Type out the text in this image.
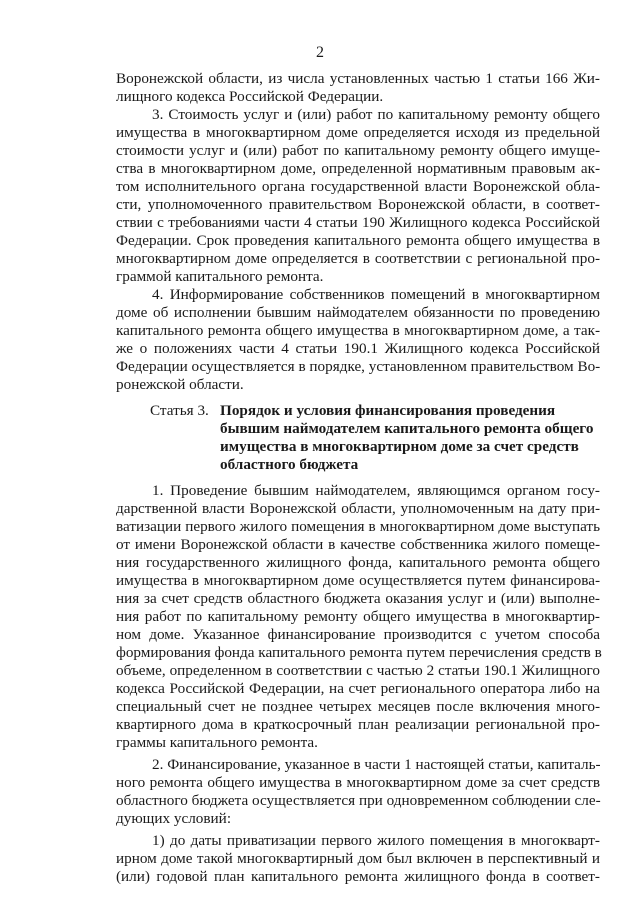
2
Воронежской области, из числа установленных частью 1 статьи 166 Жи-
лищного кодекса Российской Федерации.
3. Стоимость услуг и (или) работ по капитальному ремонту общего
имущества в многоквартирном доме определяется исходя из предельной
стоимости услуг и (или) работ по капитальному ремонту общего имуще-
ства в многоквартирном доме, определенной нормативным правовым ак-
том исполнительного органа государственной власти Воронежской обла-
сти, уполномоченного правительством Воронежской области, в соответ-
ствии с требованиями части 4 статьи 190 Жилищного кодекса Российской
Федерации. Срок проведения капитального ремонта общего имущества в
многоквартирном доме определяется в соответствии с региональной про-
граммой капитального ремонта.
4. Информирование собственников помещений в многоквартирном
доме об исполнении бывшим наймодателем обязанности по проведению
капитального ремонта общего имущества в многоквартирном доме, а так-
же о положениях части 4 статьи 190.1 Жилищного кодекса Российской
Федерации осуществляется в порядке, установленном правительством Во-
ронежской области.
Статья 3. Порядок и условия финансирования проведения
бывшим наймодателем капитального ремонта общего
имущества в многоквартирном доме за счет средств
областного бюджета
1. Проведение бывшим наймодателем, являющимся органом госу-
дарственной власти Воронежской области, уполномоченным на дату при-
ватизации первого жилого помещения в многоквартирном доме выступать
от имени Воронежской области в качестве собственника жилого помеще-
ния государственного жилищного фонда, капитального ремонта общего
имущества в многоквартирном доме осуществляется путем финансирова-
ния за счет средств областного бюджета оказания услуг и (или) выполне-
ния работ по капитальному ремонту общего имущества в многоквартир-
ном доме. Указанное финансирование производится с учетом способа
формирования фонда капитального ремонта путем перечисления средств в
объеме, определенном в соответствии с частью 2 статьи 190.1 Жилищного
кодекса Российской Федерации, на счет регионального оператора либо на
специальный счет не позднее четырех месяцев после включения много-
квартирного дома в краткосрочный план реализации региональной про-
граммы капитального ремонта.
2. Финансирование, указанное в части 1 настоящей статьи, капиталь-
ного ремонта общего имущества в многоквартирном доме за счет средств
областного бюджета осуществляется при одновременном соблюдении сле-
дующих условий:
1) до даты приватизации первого жилого помещения в многокварт-
ирном доме такой многоквартирный дом был включен в перспективный и
(или) годовой план капитального ремонта жилищного фонда в соответ-
